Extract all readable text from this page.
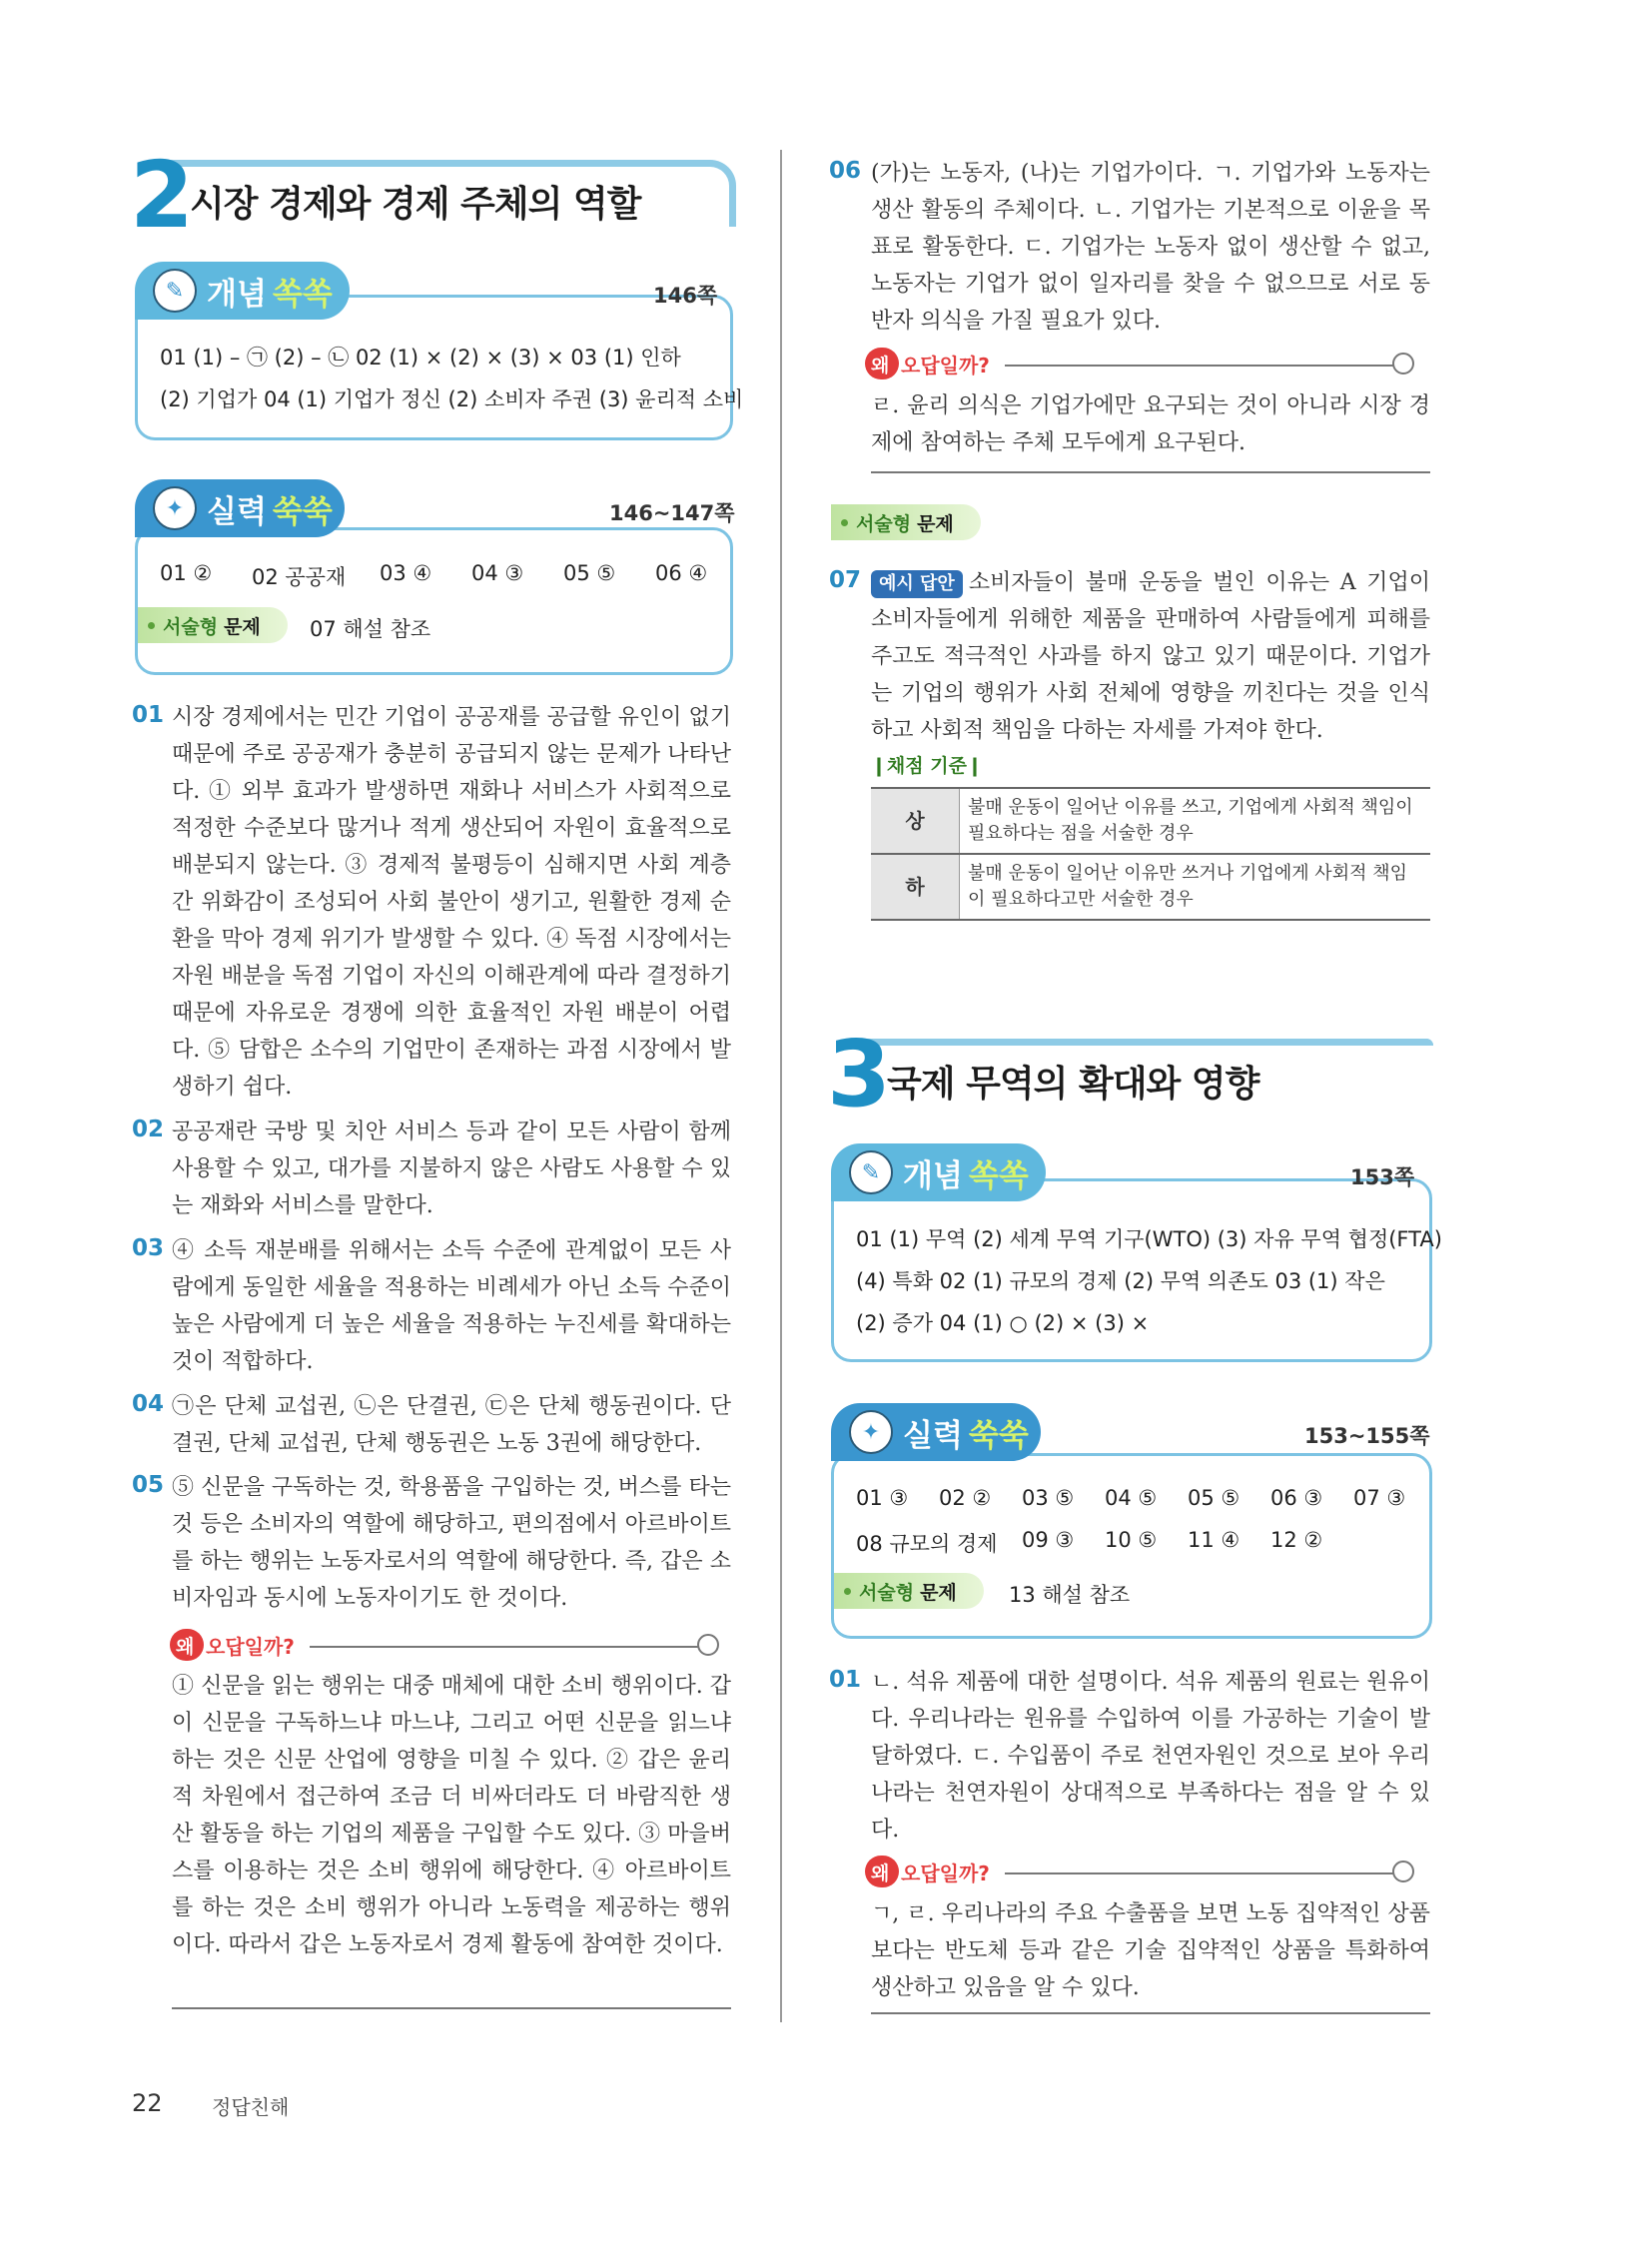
2
시장 경제와 경제 주체의 역할
✎ 개념 쏙쏙	146쪽
01 (1) – ㉠ (2) – ㉡ 02 (1) × (2) × (3) × 03 (1) 인하
(2) 기업가 04 (1) 기업가 정신 (2) 소비자 주권 (3) 윤리적 소비
✦ 실력 쑥쑥	146~147쪽
01 ② 02 공공재 03 ④ 04 ③ 05 ⑤ 06 ④
서술형 문제 07 해설 참조
01 시장 경제에서는 민간 기업이 공공재를 공급할 유인이 없기 때문에 주로 공공재가 충분히 공급되지 않는 문제가 나타난다. ① 외부 효과가 발생하면 재화나 서비스가 사회적으로 적정한 수준보다 많거나 적게 생산되어 자원이 효율적으로 배분되지 않는다. ③ 경제적 불평등이 심해지면 사회 계층 간 위화감이 조성되어 사회 불안이 생기고, 원활한 경제 순환을 막아 경제 위기가 발생할 수 있다. ④ 독점 시장에서는 자원 배분을 독점 기업이 자신의 이해관계에 따라 결정하기 때문에 자유로운 경쟁에 의한 효율적인 자원 배분이 어렵다. ⑤ 담합은 소수의 기업만이 존재하는 과점 시장에서 발생하기 쉽다.
02 공공재란 국방 및 치안 서비스 등과 같이 모든 사람이 함께 사용할 수 있고, 대가를 지불하지 않은 사람도 사용할 수 있는 재화와 서비스를 말한다.
03 ④ 소득 재분배를 위해서는 소득 수준에 관계없이 모든 사람에게 동일한 세율을 적용하는 비례세가 아닌 소득 수준이 높은 사람에게 더 높은 세율을 적용하는 누진세를 확대하는 것이 적합하다.
04 ㉠은 단체 교섭권, ㉡은 단결권, ㉢은 단체 행동권이다. 단결권, 단체 교섭권, 단체 행동권은 노동 3권에 해당한다.
05 ⑤ 신문을 구독하는 것, 학용품을 구입하는 것, 버스를 타는 것 등은 소비자의 역할에 해당하고, 편의점에서 아르바이트를 하는 행위는 노동자로서의 역할에 해당한다. 즉, 갑은 소비자임과 동시에 노동자이기도 한 것이다.
왜 오답일까?
① 신문을 읽는 행위는 대중 매체에 대한 소비 행위이다. 갑이 신문을 구독하느냐 마느냐, 그리고 어떤 신문을 읽느냐 하는 것은 신문 산업에 영향을 미칠 수 있다. ② 갑은 윤리적 차원에서 접근하여 조금 더 비싸더라도 더 바람직한 생산 활동을 하는 기업의 제품을 구입할 수도 있다. ③ 마을버스를 이용하는 것은 소비 행위에 해당한다. ④ 아르바이트를 하는 것은 소비 행위가 아니라 노동력을 제공하는 행위이다. 따라서 갑은 노동자로서 경제 활동에 참여한 것이다.
06 (가)는 노동자, (나)는 기업가이다. ㄱ. 기업가와 노동자는 생산 활동의 주체이다. ㄴ. 기업가는 기본적으로 이윤을 목표로 활동한다. ㄷ. 기업가는 노동자 없이 생산할 수 없고, 노동자는 기업가 없이 일자리를 찾을 수 없으므로 서로 동반자 의식을 가질 필요가 있다.
왜 오답일까?
ㄹ. 윤리 의식은 기업가에만 요구되는 것이 아니라 시장 경제에 참여하는 주체 모두에게 요구된다.
서술형 문제
07 예시 답안 소비자들이 불매 운동을 벌인 이유는 A 기업이 소비자들에게 위해한 제품을 판매하여 사람들에게 피해를 주고도 적극적인 사과를 하지 않고 있기 때문이다. 기업가는 기업의 행위가 사회 전체에 영향을 끼친다는 것을 인식하고 사회적 책임을 다하는 자세를 가져야 한다.
❙채점 기준❙
상	불매 운동이 일어난 이유를 쓰고, 기업에게 사회적 책임이 필요하다는 점을 서술한 경우
하	불매 운동이 일어난 이유만 쓰거나 기업에게 사회적 책임이 필요하다고만 서술한 경우
3
국제 무역의 확대와 영향
✎ 개념 쏙쏙	153쪽
01 (1) 무역 (2) 세계 무역 기구(WTO) (3) 자유 무역 협정(FTA)
(4) 특화 02 (1) 규모의 경제 (2) 무역 의존도 03 (1) 작은
(2) 증가 04 (1) ○ (2) × (3) ×
✦ 실력 쑥쑥	153~155쪽
01 ③ 02 ② 03 ⑤ 04 ⑤ 05 ⑤ 06 ③ 07 ③
08 규모의 경제 09 ③ 10 ⑤ 11 ④ 12 ②
서술형 문제 13 해설 참조
01 ㄴ. 석유 제품에 대한 설명이다. 석유 제품의 원료는 원유이다. 우리나라는 원유를 수입하여 이를 가공하는 기술이 발달하였다. ㄷ. 수입품이 주로 천연자원인 것으로 보아 우리나라는 천연자원이 상대적으로 부족하다는 점을 알 수 있다.
왜 오답일까?
ㄱ, ㄹ. 우리나라의 주요 수출품을 보면 노동 집약적인 상품보다는 반도체 등과 같은 기술 집약적인 상품을 특화하여 생산하고 있음을 알 수 있다.
22 정답친해
